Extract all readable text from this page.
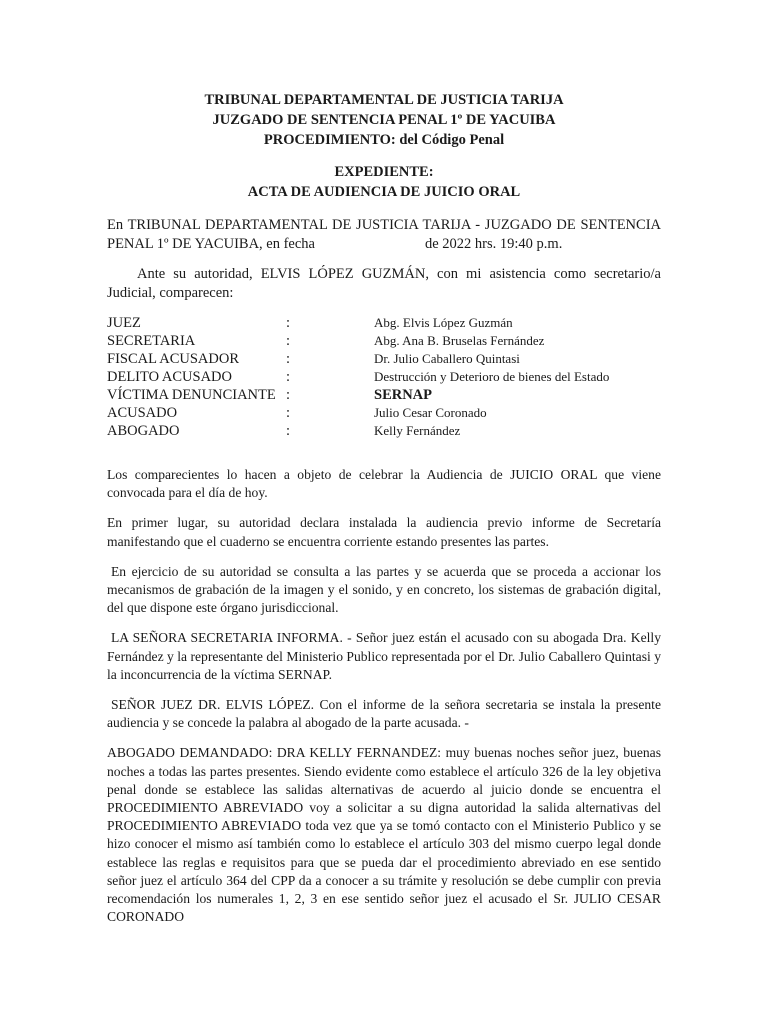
TRIBUNAL DEPARTAMENTAL DE JUSTICIA TARIJA
JUZGADO DE SENTENCIA PENAL 1º DE YACUIBA
PROCEDIMIENTO: del Código Penal
EXPEDIENTE:
ACTA DE AUDIENCIA DE JUICIO ORAL

En TRIBUNAL DEPARTAMENTAL DE JUSTICIA TARIJA - JUZGADO DE SENTENCIA PENAL 1º DE YACUIBA, en fecha	de 2022 hrs. 19:40 p.m.

Ante su autoridad, ELVIS LÓPEZ GUZMÁN, con mi asistencia como secretario/a Judicial, comparecen:

JUEZ	:	Abg. Elvis López Guzmán
SECRETARIA	:	Abg. Ana B. Bruselas Fernández
FISCAL ACUSADOR	:	Dr. Julio Caballero Quintasi
DELITO ACUSADO	:	Destrucción y Deterioro de bienes del Estado
VÍCTIMA DENUNCIANTE :	SERNAP
ACUSADO	:	Julio Cesar Coronado
ABOGADO	:	Kelly Fernández

Los comparecientes lo hacen a objeto de celebrar la Audiencia de JUICIO ORAL que viene convocada para el día de hoy.

En primer lugar, su autoridad declara instalada la audiencia previo informe de Secretaría manifestando que el cuaderno se encuentra corriente estando presentes las partes.

En ejercicio de su autoridad se consulta a las partes y se acuerda que se proceda a accionar los mecanismos de grabación de la imagen y el sonido, y en concreto, los sistemas de grabación digital, del que dispone este órgano jurisdiccional.

LA SEÑORA SECRETARIA INFORMA. - Señor juez están el acusado con su abogada Dra. Kelly Fernández y la representante del Ministerio Publico representada por el Dr. Julio Caballero Quintasi y la inconcurrencia de la víctima SERNAP.

SEÑOR JUEZ DR. ELVIS LÓPEZ. Con el informe de la señora secretaria se instala la presente audiencia y se concede la palabra al abogado de la parte acusada. -

ABOGADO DEMANDADO: DRA KELLY FERNANDEZ: muy buenas noches señor juez, buenas noches a todas las partes presentes. Siendo evidente como establece el artículo 326 de la ley objetiva penal donde se establece las salidas alternativas de acuerdo al juicio donde se encuentra el PROCEDIMIENTO ABREVIADO voy a solicitar a su digna autoridad la salida alternativas del PROCEDIMIENTO ABREVIADO toda vez que ya se tomó contacto con el Ministerio Publico y se hizo conocer el mismo así también como lo establece el artículo 303 del mismo cuerpo legal donde establece las reglas e requisitos para que se pueda dar el procedimiento abreviado en ese sentido señor juez el artículo 364 del CPP da a conocer a su trámite y resolución se debe cumplir con previa recomendación los numerales 1, 2, 3 en ese sentido señor juez el acusado el Sr. JULIO CESAR CORONADO
